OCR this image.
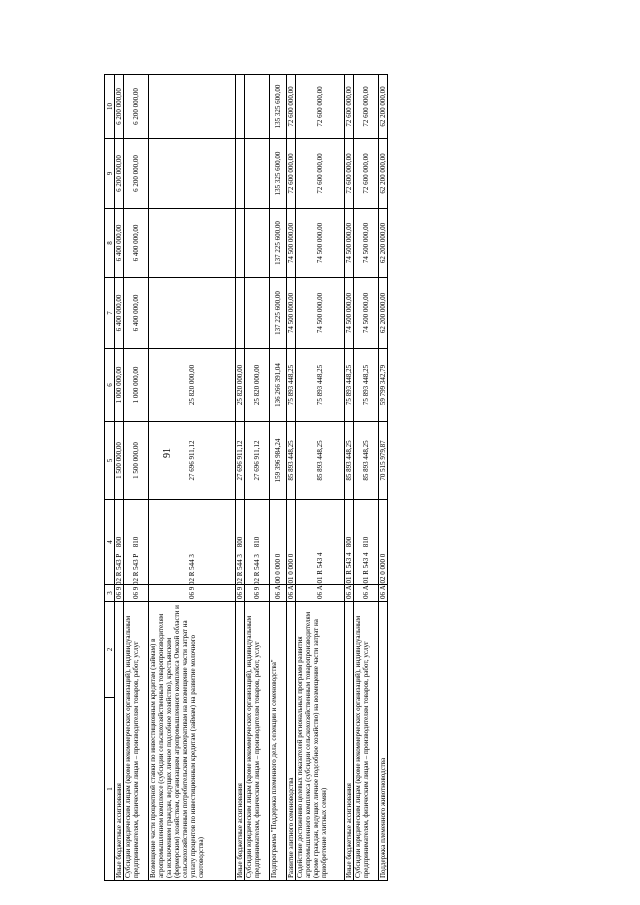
91
1	2	3	4	5	6	7	8	9	10
Иные бюджетные ассигнования		06 9 02 R 543 P	800	1 500 000,00	1 000 000,00	6 400 000,00	6 400 000,00	6 200 000,00	6 200 000,00
Субсидии юридическим лицам (кроме некоммерческих организаций), индивидуальным предпринимателям, физическим лицам – производителям товаров, работ, услуг		06 9 02 R 543 P	810	1 500 000,00	1 000 000,00	6 400 000,00	6 400 000,00	6 200 000,00	6 200 000,00
Возмещение части процентной ставки по инвестиционным кредитам (займам) в агропромышленном комплексе (субсидии сельскохозяйственным товаропроизводителям (за исключением граждан, ведущих личное подсобное хозяйство), крестьянским (фермерским) хозяйствам, организациям агропромышленного комплекса Омской области и сельскохозяйственным потребительским кооперативам на возмещение части затрат на уплату процентов по инвестиционным кредитам (займам) на развитие молочного скотоводства)		06 9 02 R 544 3		27 696 911,12	25 820 000,00				
Иные бюджетные ассигнования		06 9 02 R 544 3	800	27 696 911,12	25 820 000,00				
Субсидии юридическим лицам (кроме некоммерческих организаций), индивидуальным предпринимателям, физическим лицам – производителям товаров, работ, услуг		06 9 02 R 544 3	810	27 696 911,12	25 820 000,00				
Подпрограмма "Поддержка племенного дела, селекции и семеноводства"		06 А 00 0 000 0		159 396 984,24	136 266 391,04	137 225 600,00	137 225 600,00	135 325 600,00	135 325 600,00
Развитие элитного семеноводства		06 А 01 0 000 0		85 893 448,25	75 893 448,25	74 500 000,00	74 500 000,00	72 600 000,00	72 600 000,00
Содействие достижению целевых показателей региональных программ развития агропромышленного комплекса (субсидии сельскохозяйственным товаропроизводителям (кроме граждан, ведущих личное подсобное хозяйство) на возмещение части затрат на приобретение элитных семян)		06 А 01 R 543 4		85 893 448,25	75 893 448,25	74 500 000,00	74 500 000,00	72 600 000,00	72 600 000,00
Иные бюджетные ассигнования		06 А 01 R 543 4	800	85 893 448,25	75 893 448,25	74 500 000,00	74 500 000,00	72 600 000,00	72 600 000,00
Субсидии юридическим лицам (кроме некоммерческих организаций), индивидуальным предпринимателям, физическим лицам – производителям товаров, работ, услуг		06 А 01 R 543 4	810	85 893 448,25	75 893 448,25	74 500 000,00	74 500 000,00	72 600 000,00	72 600 000,00
Поддержка племенного животноводства		06 А 02 0 000 0		70 515 979,87	59 799 342,79	62 200 000,00	62 200 000,00	62 200 000,00	62 200 000,00
